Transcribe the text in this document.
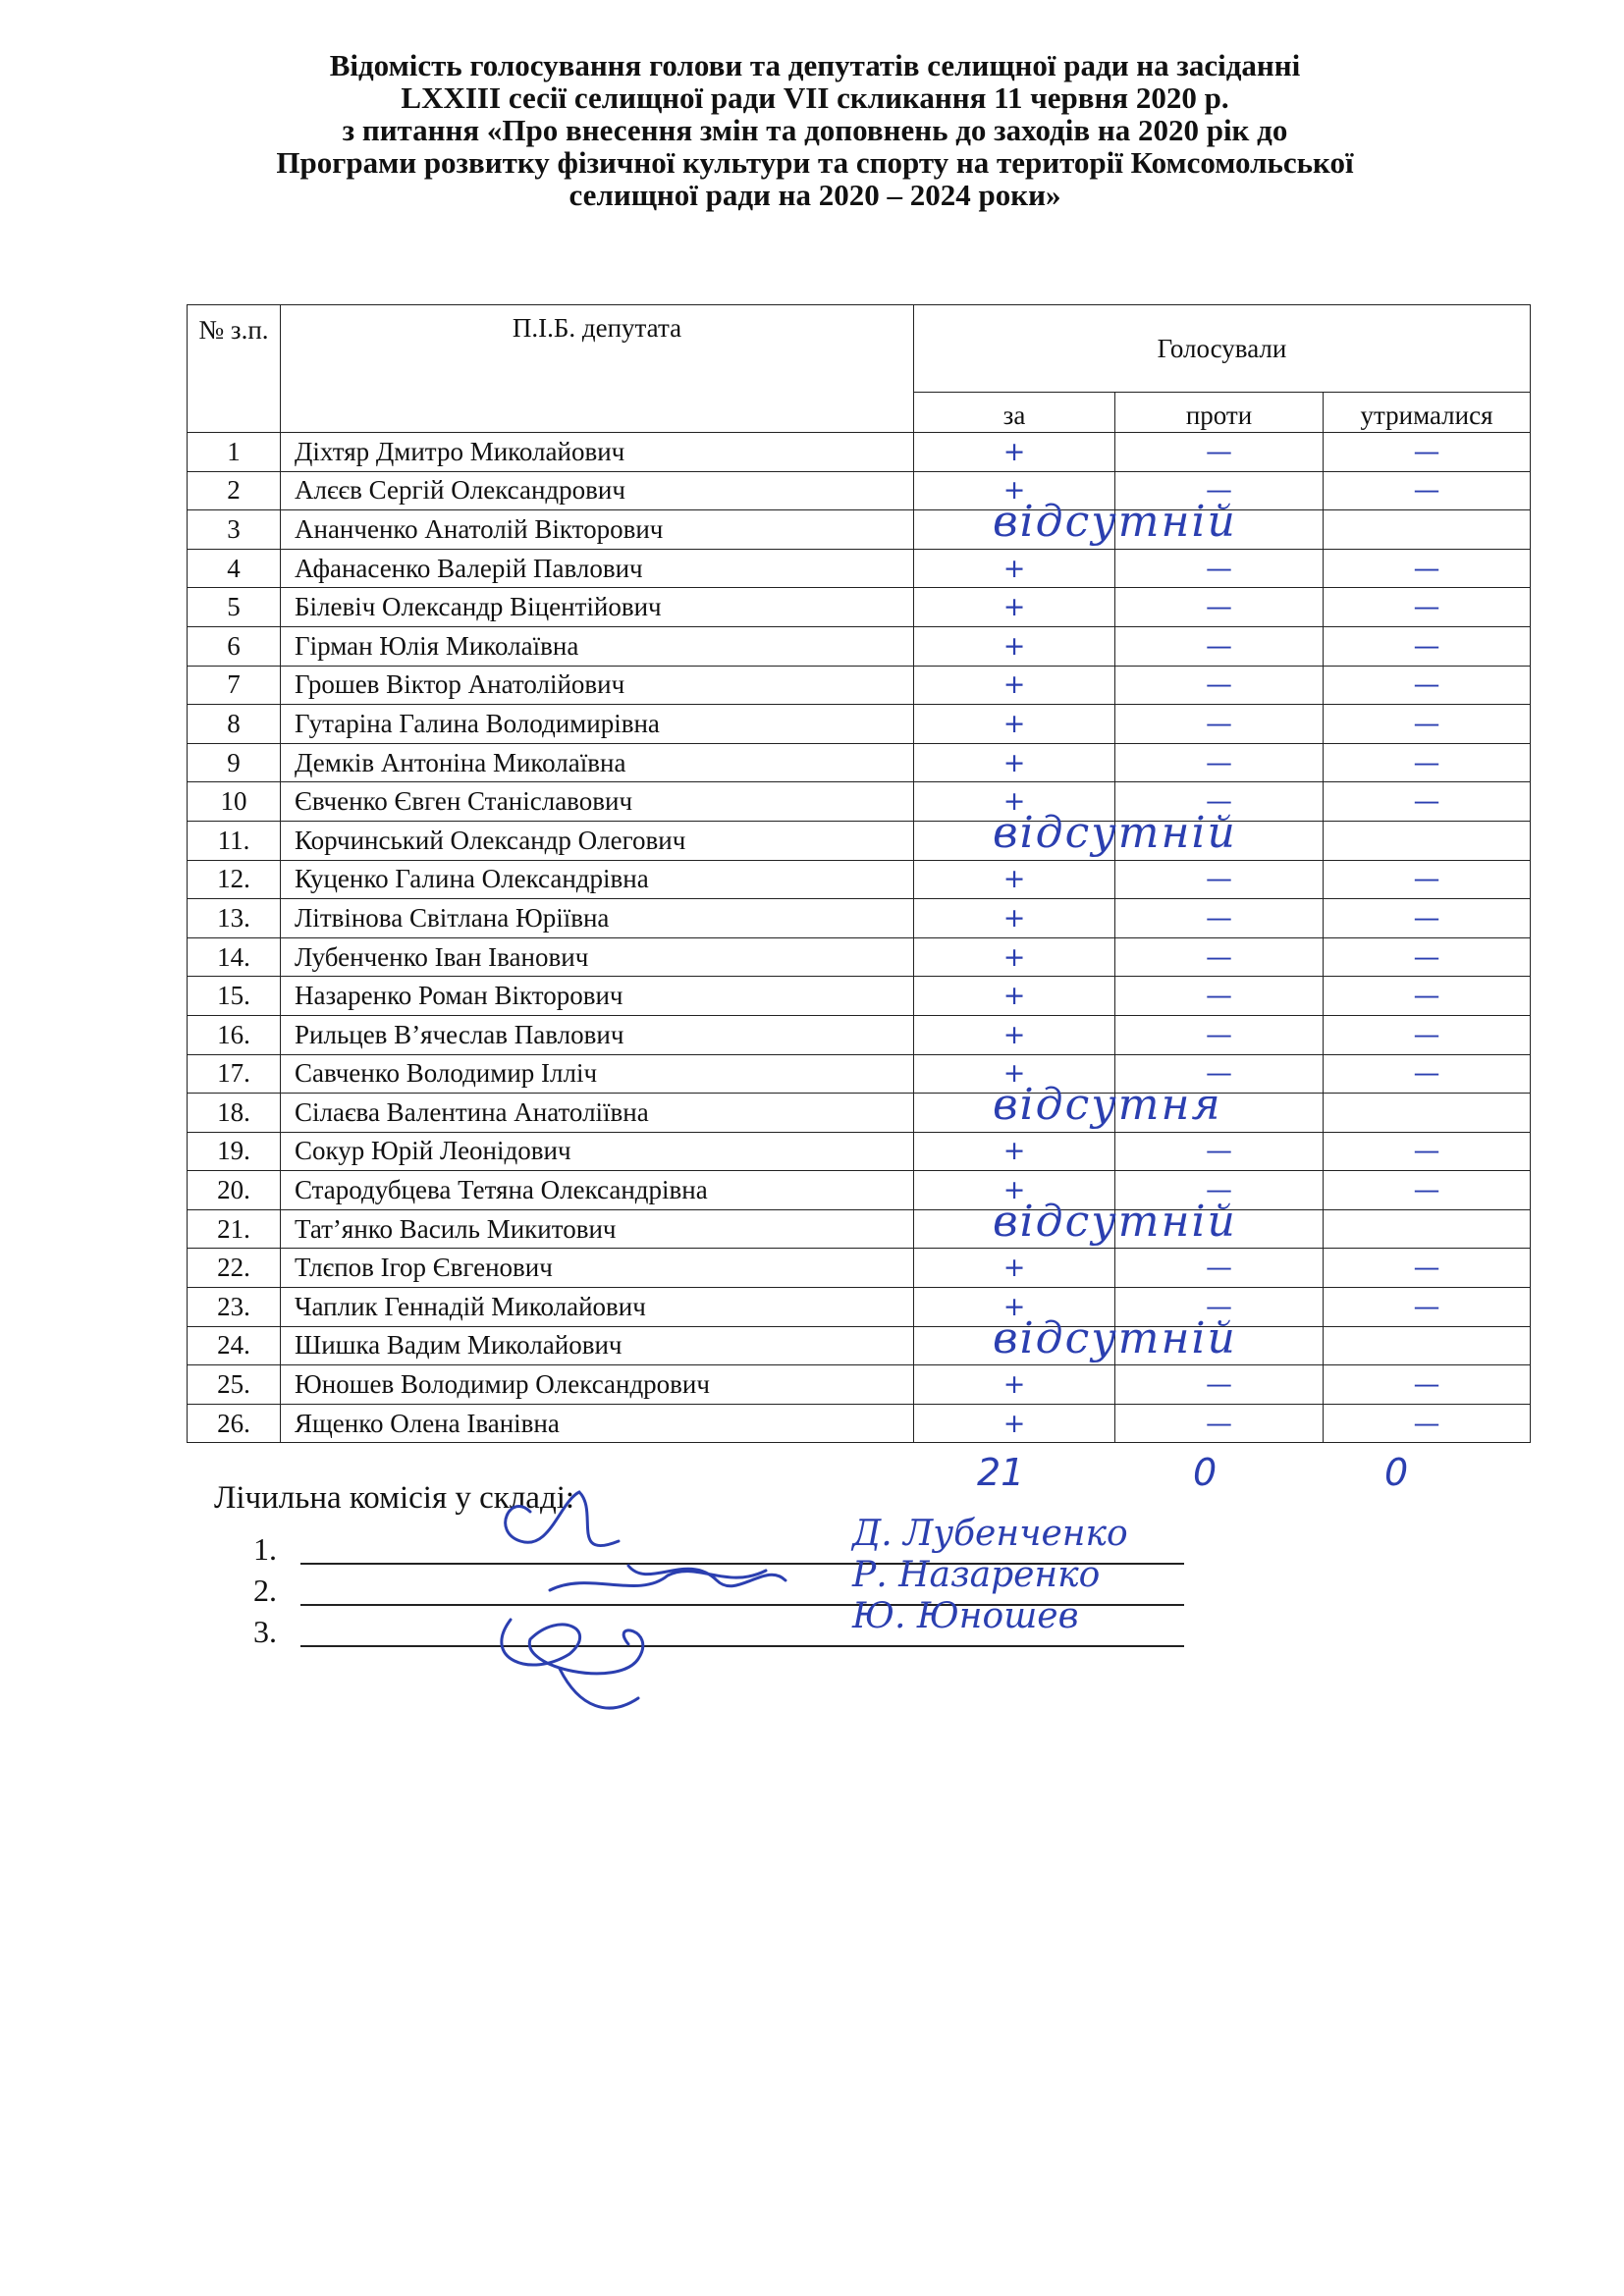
Відомість голосування голови та депутатів селищної ради на засіданні
LXXIII сесії селищної ради VII скликання 11 червня 2020 р.
з питання «Про внесення змін та доповнень до заходів на 2020 рік до
Програми розвитку фізичної культури та спорту на території Комсомольської
селищної ради на 2020 – 2024 роки»
№ з.п.	П.І.Б. депутата	Голосували		
		за	проти	утрималися
1	Діхтяр Дмитро Миколайович	+	—	—
2	Алєєв Сергій Олександрович	+	—	—
3	Ананченко Анатолій Вікторович	відсутній		

4	Афанасенко Валерій Павлович	+	—	—
5	Білевіч Олександр Віцентійович	+	—	—
6	Гірман Юлія Миколаївна	+	—	—
7	Грошев Віктор Анатолійович	+	—	—
8	Гутаріна Галина Володимирівна	+	—	—
9	Демків Антоніна Миколаївна	+	—	—
10	Євченко Євген Станіславович	+	—	—
11.	Корчинський Олександр Олегович	відсутній		

12.	Куценко Галина Олександрівна	+	—	—
13.	Літвінова Світлана Юріївна	+	—	—
14.	Лубенченко Іван Іванович	+	—	—
15.	Назаренко Роман Вікторович	+	—	—
16.	Рильцев В’ячеслав Павлович	+	—	—
17.	Савченко Володимир Ілліч	+	—	—
18.	Сілаєва Валентина Анатоліївна	відсутня		

19.	Сокур Юрій Леонідович	+	—	—
20.	Стародубцева Тетяна Олександрівна	+	—	—
21.	Тат’янко Василь Микитович	відсутній		

22.	Тлєпов Ігор Євгенович	+	—	—
23.	Чаплик Геннадій Миколайович	+	—	—
24.	Шишка Вадим Миколайович	відсутній		

25.	Юношев Володимир Олександрович	+	—	—
26.	Ященко Олена Іванівна	+	—	—
21	0	0
Лічильна комісія у складі:
1.	Д. Лубенченко
2.	Р. Назаренко
3.	Ю. Юношев
